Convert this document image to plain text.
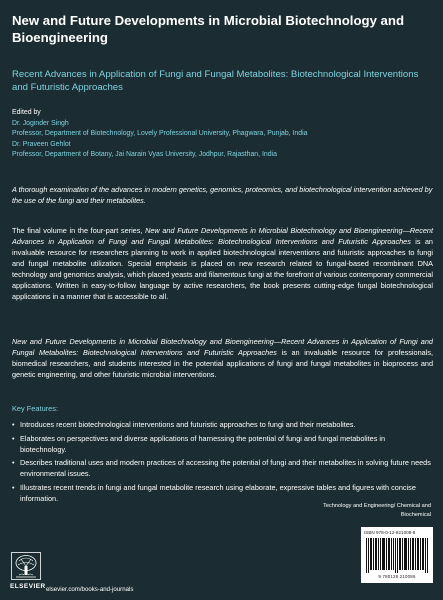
New and Future Developments in Microbial Biotechnology and Bioengineering
Recent Advances in Application of Fungi and Fungal Metabolites: Biotechnological Interventions and Futuristic Approaches
Edited by
Dr. Joginder Singh
Professor, Department of Biotechnology, Lovely Professional University, Phagwara, Punjab, India
Dr. Praveen Gehlot
Professor, Department of Botany, Jai Narain Vyas University, Jodhpur, Rajasthan, India
A thorough examination of the advances in modern genetics, genomics, proteomics, and biotechnological intervention achieved by the use of the fungi and their metabolites.
The final volume in the four-part series, New and Future Developments in Microbial Biotechnology and Bioengineering—Recent Advances in Application of Fungi and Fungal Metabolites: Biotechnological Interventions and Futuristic Approaches is an invaluable resource for researchers planning to work in applied biotechnological interventions and futuristic approaches to fungi and fungal metabolite utilization. Special emphasis is placed on new research related to fungal-based recombinant DNA technology and genomics analysis, which placed yeasts and filamentous fungi at the forefront of various contemporary commercial applications. Written in easy-to-follow language by active researchers, the book presents cutting-edge fungal biotechnological applications in a manner that is accessible to all.
New and Future Developments in Microbial Biotechnology and Bioengineering—Recent Advances in Application of Fungi and Fungal Metabolites: Biotechnological Interventions and Futuristic Approaches is an invaluable resource for professionals, biomedical researchers, and students interested in the potential applications of fungi and fungal metabolites in bioprocess and genetic engineering, and other futuristic microbial interventions.
Key Features:
• Introduces recent biotechnological interventions and futuristic approaches to fungi and their metabolites.
• Elaborates on perspectives and diverse applications of harnessing the potential of fungi and fungal metabolites in biotechnology.
• Describes traditional uses and modern practices of accessing the potential of fungi and their metabolites in solving future needs environmental issues.
• Illustrates recent trends in fungi and fungal metabolite research using elaborate, expressive tables and figures with concise information.
Technology and Engineering/ Chemical and Biochemical
ISBN 978-0-12-821008-6
9 780128 210086
ELSEVIER elsevier.com/books-and-journals
